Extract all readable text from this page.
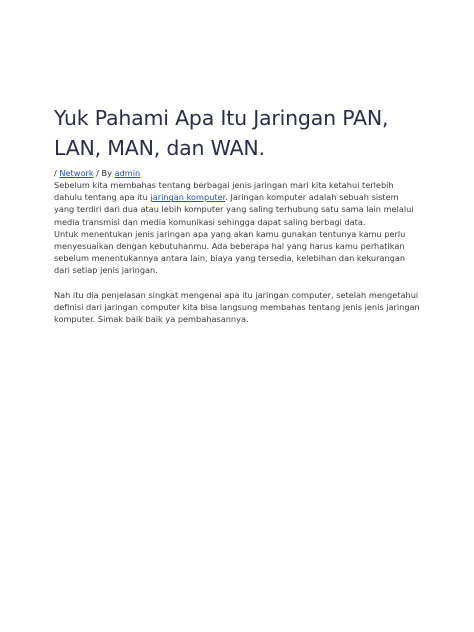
Yuk Pahami Apa Itu Jaringan PAN, LAN, MAN, dan WAN.
/ Network / By admin

Sebelum kita membahas tentang berbagai jenis jaringan mari kita ketahui terlebih dahulu tentang apa itu jaringan komputer. Jaringan komputer adalah sebuah sistem yang terdiri dari dua atau lebih komputer yang saling terhubung satu sama lain melalui media transmisi dan media komunikasi sehingga dapat saling berbagi data.

Untuk menentukan jenis jaringan apa yang akan kamu gunakan tentunya kamu perlu menyesuaikan dengan kebutuhanmu. Ada beberapa hal yang harus kamu perhatikan sebelum menentukannya antara lain, biaya yang tersedia, kelebihan dan kekurangan dari setiap jenis jaringan.

Nah itu dia penjelasan singkat mengenai apa itu jaringan computer, setelah mengetahui definisi dari jaringan computer kita bisa langsung membahas tentang jenis jenis jaringan komputer. Simak baik baik ya pembahasannya.
